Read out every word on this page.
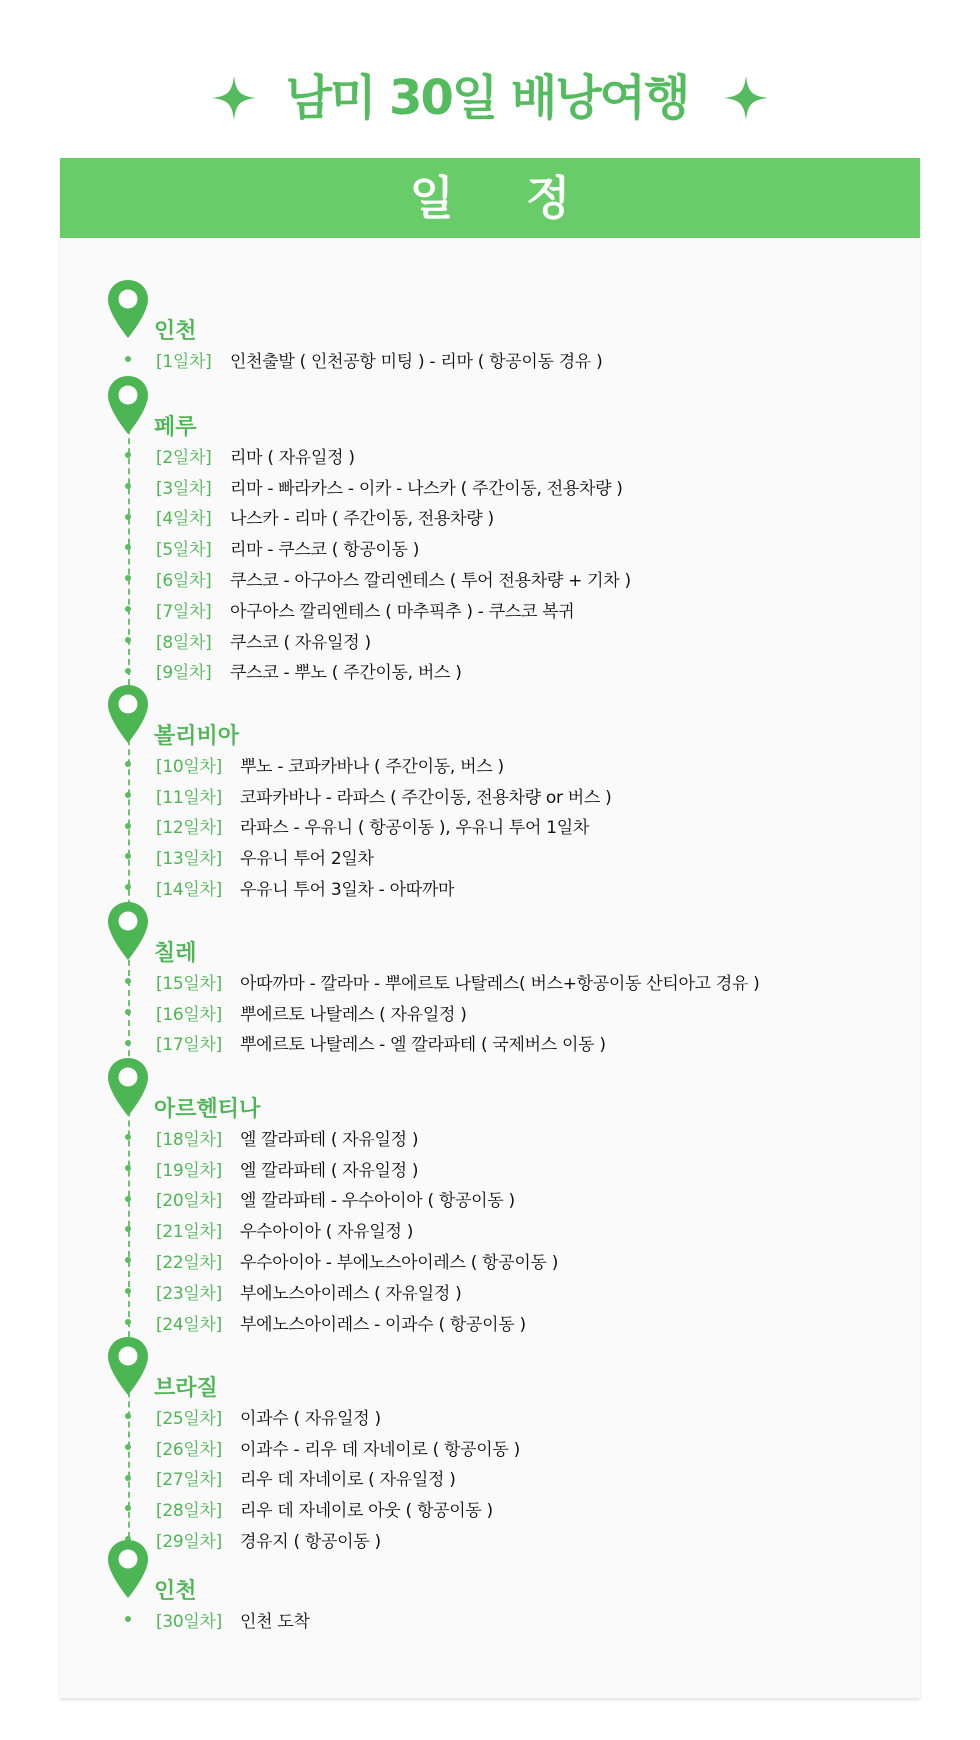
남미 30일 배낭여행
일 정
인천
[1일차] 인천출발 ( 인천공항 미팅 ) - 리마 ( 항공이동 경유 )
페루
[2일차] 리마 ( 자유일정 )
[3일차] 리마 - 빠라카스 - 이카 - 나스카 ( 주간이동, 전용차량 )
[4일차] 나스카 - 리마 ( 주간이동, 전용차량 )
[5일차] 리마 - 쿠스코 ( 항공이동 )
[6일차] 쿠스코 - 아구아스 깔리엔테스 ( 투어 전용차량 + 기차 )
[7일차] 아구아스 깔리엔테스 ( 마추픽추 ) - 쿠스코 복귀
[8일차] 쿠스코 ( 자유일정 )
[9일차] 쿠스코 - 뿌노 ( 주간이동, 버스 )
볼리비아
[10일차] 뿌노 - 코파카바나 ( 주간이동, 버스 )
[11일차] 코파카바나 - 라파스 ( 주간이동, 전용차량 or 버스 )
[12일차] 라파스 - 우유니 ( 항공이동 ), 우유니 투어 1일차
[13일차] 우유니 투어 2일차
[14일차] 우유니 투어 3일차 - 아따까마
칠레
[15일차] 아따까마 - 깔라마 - 뿌에르토 나탈레스( 버스+항공이동 산티아고 경유 )
[16일차] 뿌에르토 나탈레스 ( 자유일정 )
[17일차] 뿌에르토 나탈레스 - 엘 깔라파테 ( 국제버스 이동 )
아르헨티나
[18일차] 엘 깔라파테 ( 자유일정 )
[19일차] 엘 깔라파테 ( 자유일정 )
[20일차] 엘 깔라파테 - 우수아이아 ( 항공이동 )
[21일차] 우수아이아 ( 자유일정 )
[22일차] 우수아이아 - 부에노스아이레스 ( 항공이동 )
[23일차] 부에노스아이레스 ( 자유일정 )
[24일차] 부에노스아이레스 - 이과수 ( 항공이동 )
브라질
[25일차] 이과수 ( 자유일정 )
[26일차] 이과수 - 리우 데 자네이로 ( 항공이동 )
[27일차] 리우 데 자네이로 ( 자유일정 )
[28일차] 리우 데 자네이로 아웃 ( 항공이동 )
[29일차] 경유지 ( 항공이동 )
인천
[30일차] 인천 도착
